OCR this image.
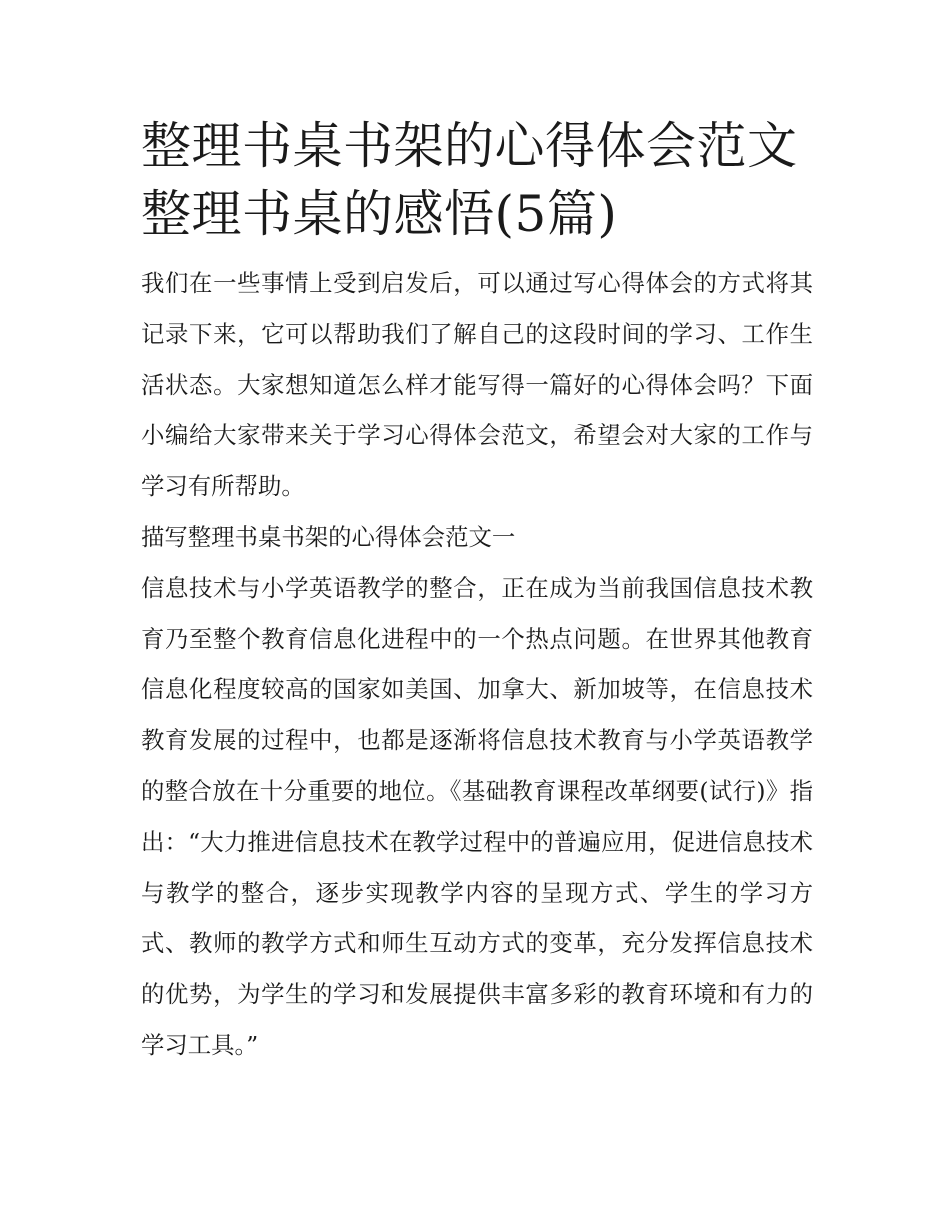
整理书桌书架的心得体会范文
整理书桌的感悟(5篇)

我们在一些事情上受到启发后，可以通过写心得体会的方式将其记录下来，它可以帮助我们了解自己的这段时间的学习、工作生活状态。大家想知道怎么样才能写得一篇好的心得体会吗？下面小编给大家带来关于学习心得体会范文，希望会对大家的工作与学习有所帮助。

描写整理书桌书架的心得体会范文一

信息技术与小学英语教学的整合，正在成为当前我国信息技术教育乃至整个教育信息化进程中的一个热点问题。在世界其他教育信息化程度较高的国家如美国、加拿大、新加坡等，在信息技术教育发展的过程中，也都是逐渐将信息技术教育与小学英语教学的整合放在十分重要的地位。《基础教育课程改革纲要(试行)》指出：“大力推进信息技术在教学过程中的普遍应用，促进信息技术与教学的整合，逐步实现教学内容的呈现方式、学生的学习方式、教师的教学方式和师生互动方式的变革，充分发挥信息技术的优势，为学生的学习和发展提供丰富多彩的教育环境和有力的学习工具。”
